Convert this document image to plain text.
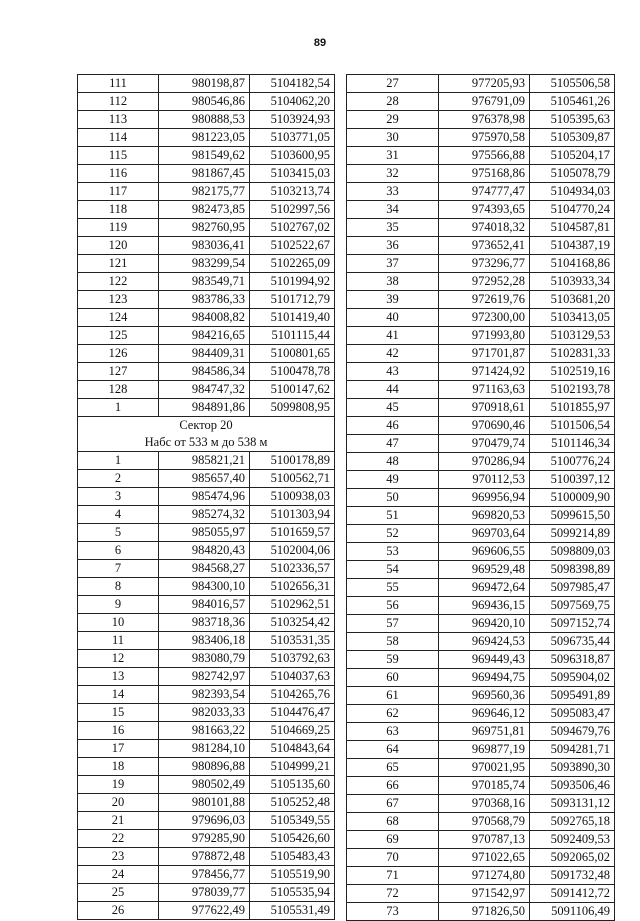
89
111	980198,87	5104182,54
112	980546,86	5104062,20
113	980888,53	5103924,93
114	981223,05	5103771,05
115	981549,62	5103600,95
116	981867,45	5103415,03
117	982175,77	5103213,74
118	982473,85	5102997,56
119	982760,95	5102767,02
120	983036,41	5102522,67
121	983299,54	5102265,09
122	983549,71	5101994,92
123	983786,33	5101712,79
124	984008,82	5101419,40
125	984216,65	5101115,44
126	984409,31	5100801,65
127	984586,34	5100478,78
128	984747,32	5100147,62
1	984891,86	5099808,95
Сектор 20		
Набс от 533 м до 538 м		
1	985821,21	5100178,89
2	985657,40	5100562,71
3	985474,96	5100938,03
4	985274,32	5101303,94
5	985055,97	5101659,57
6	984820,43	5102004,06
7	984568,27	5102336,57
8	984300,10	5102656,31
9	984016,57	5102962,51
10	983718,36	5103254,42
11	983406,18	5103531,35
12	983080,79	5103792,63
13	982742,97	5104037,63
14	982393,54	5104265,76
15	982033,33	5104476,47
16	981663,22	5104669,25
17	981284,10	5104843,64
18	980896,88	5104999,21
19	980502,49	5105135,60
20	980101,88	5105252,48
21	979696,03	5105349,55
22	979285,90	5105426,60
23	978872,48	5105483,43
24	978456,77	5105519,90
25	978039,77	5105535,94
26	977622,49	5105531,49
27	977205,93	5105506,58
28	976791,09	5105461,26
29	976378,98	5105395,63
30	975970,58	5105309,87
31	975566,88	5105204,17
32	975168,86	5105078,79
33	974777,47	5104934,03
34	974393,65	5104770,24
35	974018,32	5104587,81
36	973652,41	5104387,19
37	973296,77	5104168,86
38	972952,28	5103933,34
39	972619,76	5103681,20
40	972300,00	5103413,05
41	971993,80	5103129,53
42	971701,87	5102831,33
43	971424,92	5102519,16
44	971163,63	5102193,78
45	970918,61	5101855,97
46	970690,46	5101506,54
47	970479,74	5101146,34
48	970286,94	5100776,24
49	970112,53	5100397,12
50	969956,94	5100009,90
51	969820,53	5099615,50
52	969703,64	5099214,89
53	969606,55	5098809,03
54	969529,48	5098398,89
55	969472,64	5097985,47
56	969436,15	5097569,75
57	969420,10	5097152,74
58	969424,53	5096735,44
59	969449,43	5096318,87
60	969494,75	5095904,02
61	969560,36	5095491,89
62	969646,12	5095083,47
63	969751,81	5094679,76
64	969877,19	5094281,71
65	970021,95	5093890,30
66	970185,74	5093506,46
67	970368,16	5093131,12
68	970568,79	5092765,18
69	970787,13	5092409,53
70	971022,65	5092065,02
71	971274,80	5091732,48
72	971542,97	5091412,72
73	971826,50	5091106,49
